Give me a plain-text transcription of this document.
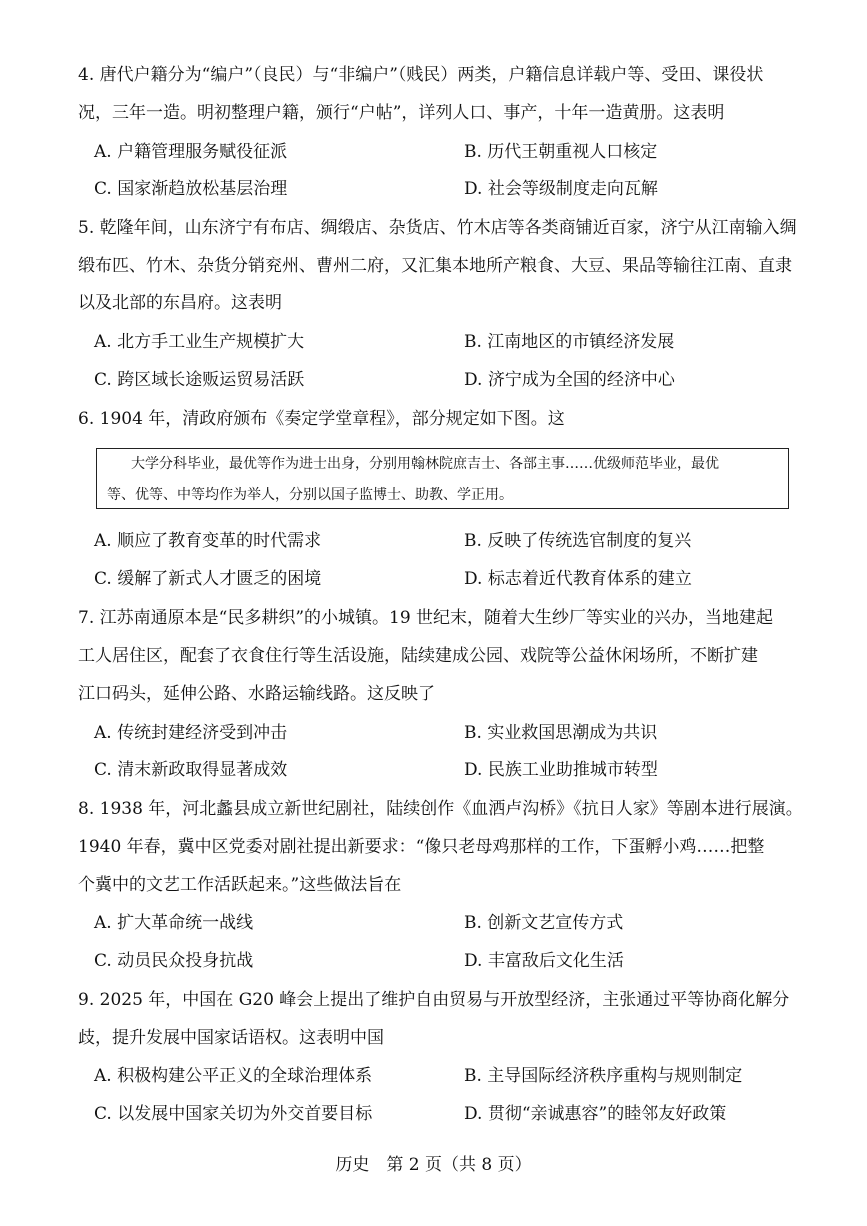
4. 唐代户籍分为“编户”（良民）与“非编户”（贱民）两类，户籍信息详载户等、受田、课役状
况，三年一造。明初整理户籍，颁行“户帖”，详列人口、事产，十年一造黄册。这表明
A. 户籍管理服务赋役征派	B. 历代王朝重视人口核定
C. 国家渐趋放松基层治理	D. 社会等级制度走向瓦解
5. 乾隆年间，山东济宁有布店、绸缎店、杂货店、竹木店等各类商铺近百家，济宁从江南输入绸
缎布匹、竹木、杂货分销兖州、曹州二府，又汇集本地所产粮食、大豆、果品等输往江南、直隶
以及北部的东昌府。这表明
A. 北方手工业生产规模扩大	B. 江南地区的市镇经济发展
C. 跨区域长途贩运贸易活跃	D. 济宁成为全国的经济中心
6. 1904 年，清政府颁布《奏定学堂章程》，部分规定如下图。这

大学分科毕业，最优等作为进士出身，分别用翰林院庶吉士、各部主事……优级师范毕业，最优

等、优等、中等均作为举人，分别以国子监博士、助教、学正用。

A. 顺应了教育变革的时代需求	B. 反映了传统选官制度的复兴
C. 缓解了新式人才匮乏的困境	D. 标志着近代教育体系的建立
7. 江苏南通原本是“民多耕织”的小城镇。19 世纪末，随着大生纱厂等实业的兴办，当地建起
工人居住区，配套了衣食住行等生活设施，陆续建成公园、戏院等公益休闲场所，不断扩建
江口码头，延伸公路、水路运输线路。这反映了
A. 传统封建经济受到冲击	B. 实业救国思潮成为共识
C. 清末新政取得显著成效	D. 民族工业助推城市转型
8. 1938 年，河北蠡县成立新世纪剧社，陆续创作《血洒卢沟桥》《抗日人家》等剧本进行展演。
1940 年春，冀中区党委对剧社提出新要求：“像只老母鸡那样的工作，下蛋孵小鸡……把整
个冀中的文艺工作活跃起来。”这些做法旨在
A. 扩大革命统一战线	B. 创新文艺宣传方式
C. 动员民众投身抗战	D. 丰富敌后文化生活
9. 2025 年，中国在 G20 峰会上提出了维护自由贸易与开放型经济，主张通过平等协商化解分
歧，提升发展中国家话语权。这表明中国
A. 积极构建公平正义的全球治理体系	B. 主导国际经济秩序重构与规则制定
C. 以发展中国家关切为外交首要目标	D. 贯彻“亲诚惠容”的睦邻友好政策
历史　第 2 页（共 8 页）
